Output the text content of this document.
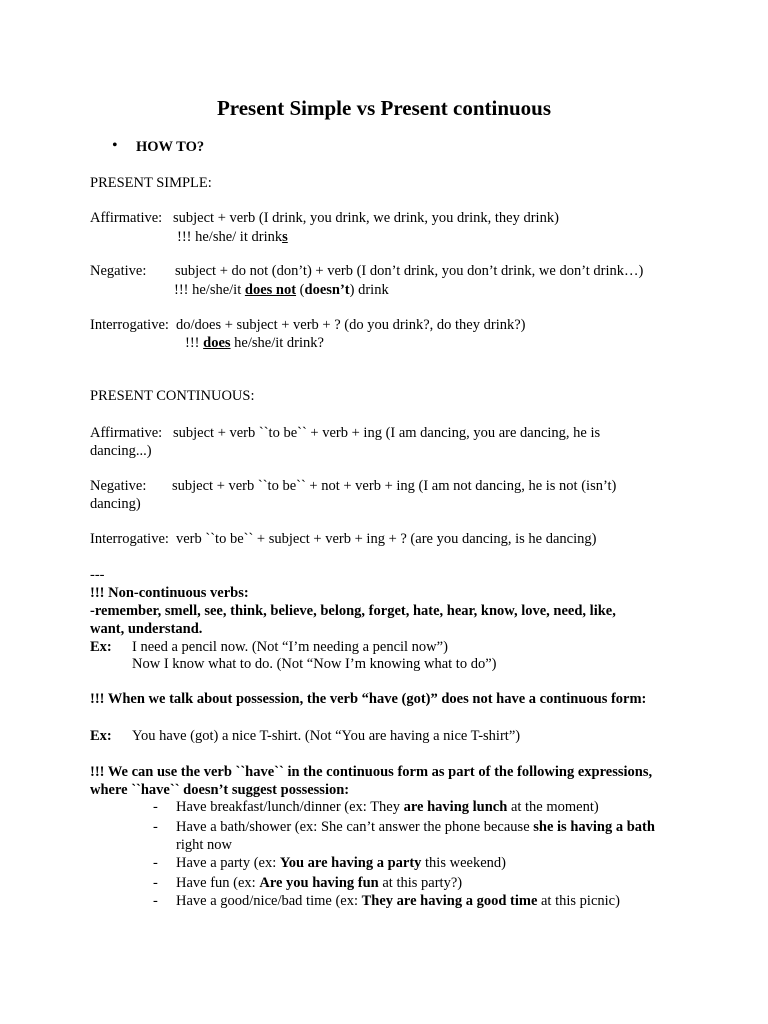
Present Simple vs Present continuous
• HOW TO?
PRESENT SIMPLE:
Affirmative: subject + verb (I drink, you drink, we drink, you drink, they drink)
!!! he/she/ it drinks
Negative: subject + do not (don’t) + verb (I don’t drink, you don’t drink, we don’t drink…)
!!! he/she/it does not (doesn’t) drink
Interrogative: do/does + subject + verb + ? (do you drink?, do they drink?)
!!! does he/she/it drink?
PRESENT CONTINUOUS:
Affirmative: subject + verb ``to be`` + verb + ing (I am dancing, you are dancing, he is
dancing...)
Negative: subject + verb ``to be`` + not + verb + ing (I am not dancing, he is not (isn’t)
dancing)
Interrogative: verb ``to be`` + subject + verb + ing + ? (are you dancing, is he dancing)
---
!!! Non-continuous verbs:
-remember, smell, see, think, believe, belong, forget, hate, hear, know, love, need, like,
want, understand.
Ex: I need a pencil now. (Not “I’m needing a pencil now”)
Now I know what to do. (Not “Now I’m knowing what to do”)
!!! When we talk about possession, the verb “have (got)” does not have a continuous form:
Ex: You have (got) a nice T-shirt. (Not “You are having a nice T-shirt”)
!!! We can use the verb ``have`` in the continuous form as part of the following expressions,
where ``have`` doesn’t suggest possession:
- Have breakfast/lunch/dinner (ex: They are having lunch at the moment)
- Have a bath/shower (ex: She can’t answer the phone because she is having a bath
right now
- Have a party (ex: You are having a party this weekend)
- Have fun (ex: Are you having fun at this party?)
- Have a good/nice/bad time (ex: They are having a good time at this picnic)
